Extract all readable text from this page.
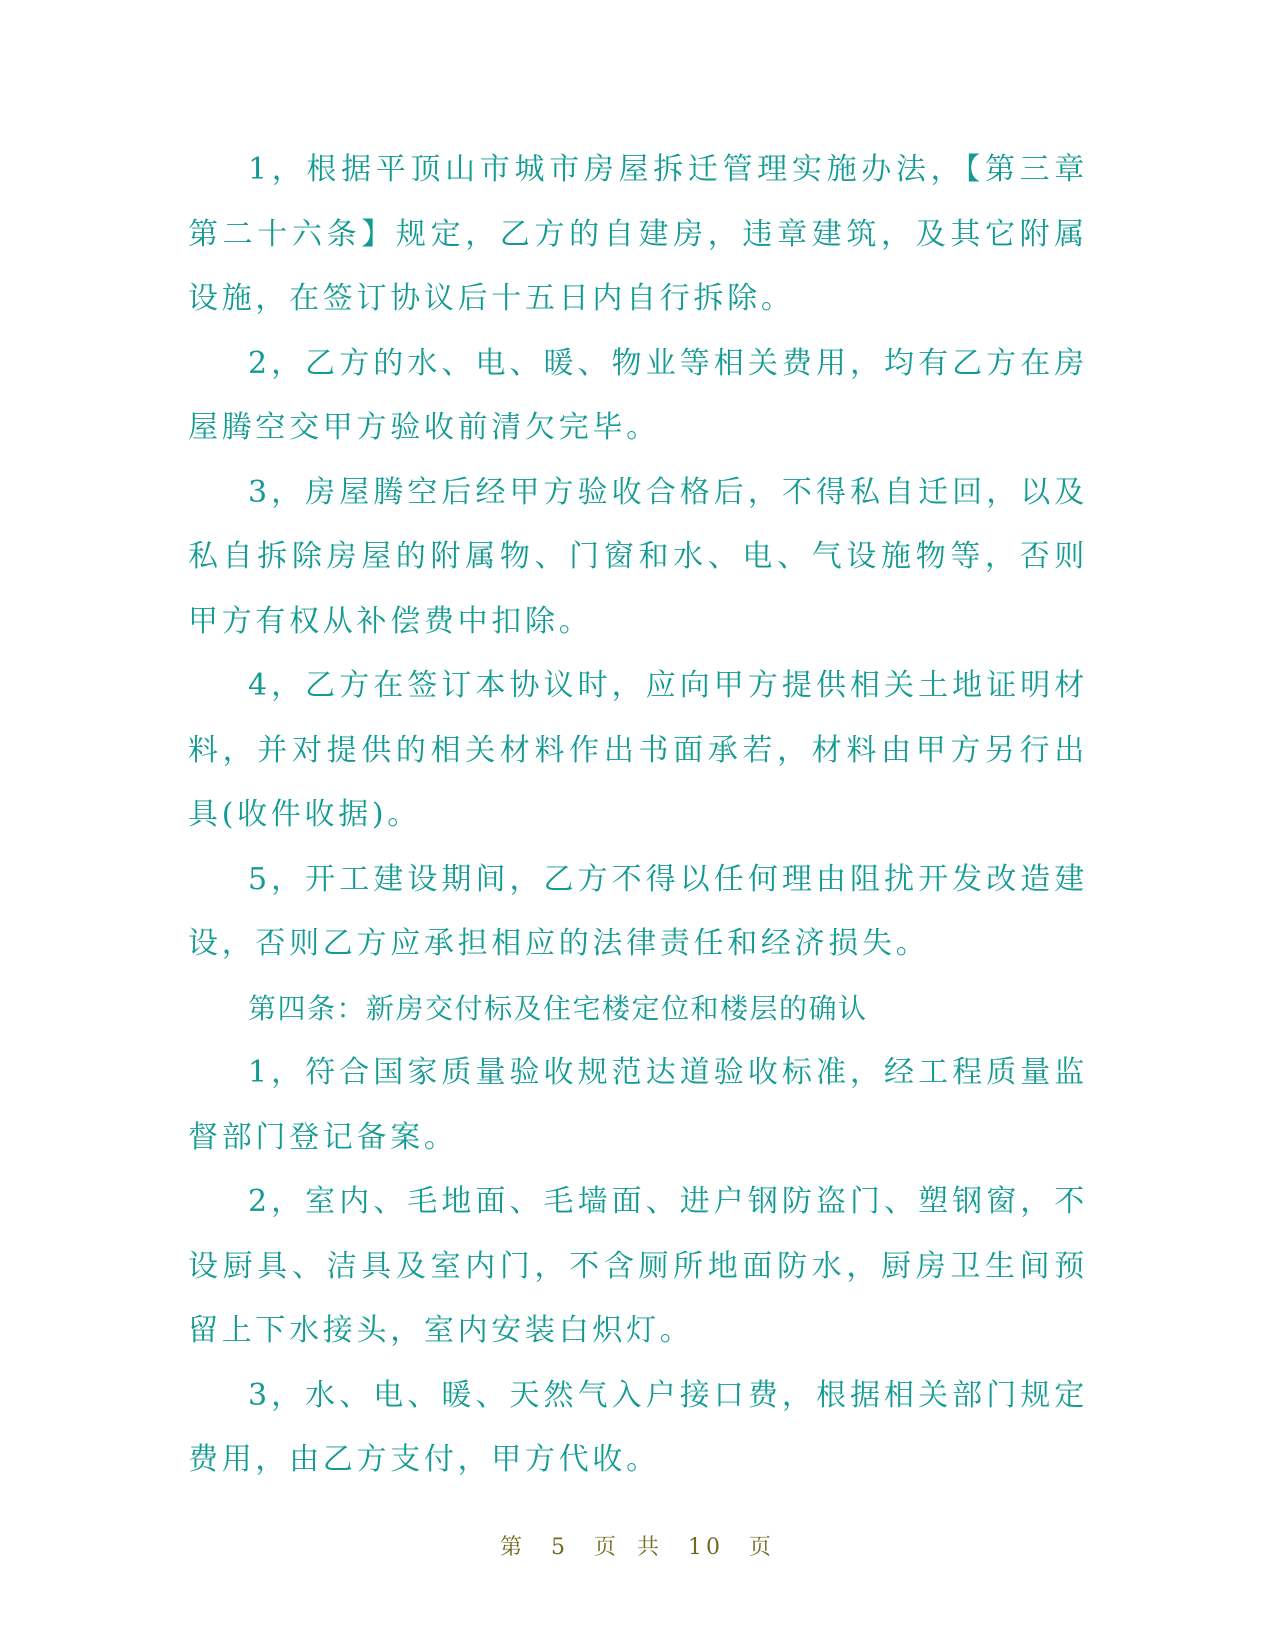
1，根据平顶山市城市房屋拆迁管理实施办法，【第三章第二十六条】规定，乙方的自建房，违章建筑，及其它附属设施，在签订协议后十五日内自行拆除。

2，乙方的水、电、暖、物业等相关费用，均有乙方在房屋腾空交甲方验收前清欠完毕。

3，房屋腾空后经甲方验收合格后，不得私自迁回，以及私自拆除房屋的附属物、门窗和水、电、气设施物等，否则甲方有权从补偿费中扣除。

4，乙方在签订本协议时，应向甲方提供相关土地证明材料，并对提供的相关材料作出书面承若，材料由甲方另行出具(收件收据)。

5，开工建设期间，乙方不得以任何理由阻扰开发改造建设，否则乙方应承担相应的法律责任和经济损失。

第四条：新房交付标及住宅楼定位和楼层的确认

1，符合国家质量验收规范达道验收标准，经工程质量监督部门登记备案。

2，室内、毛地面、毛墙面、进户钢防盗门、塑钢窗，不设厨具、洁具及室内门，不含厕所地面防水，厨房卫生间预留上下水接头，室内安装白炽灯。

3，水、电、暖、天然气入户接口费，根据相关部门规定费用，由乙方支付，甲方代收。

第 5 页 共 10 页
